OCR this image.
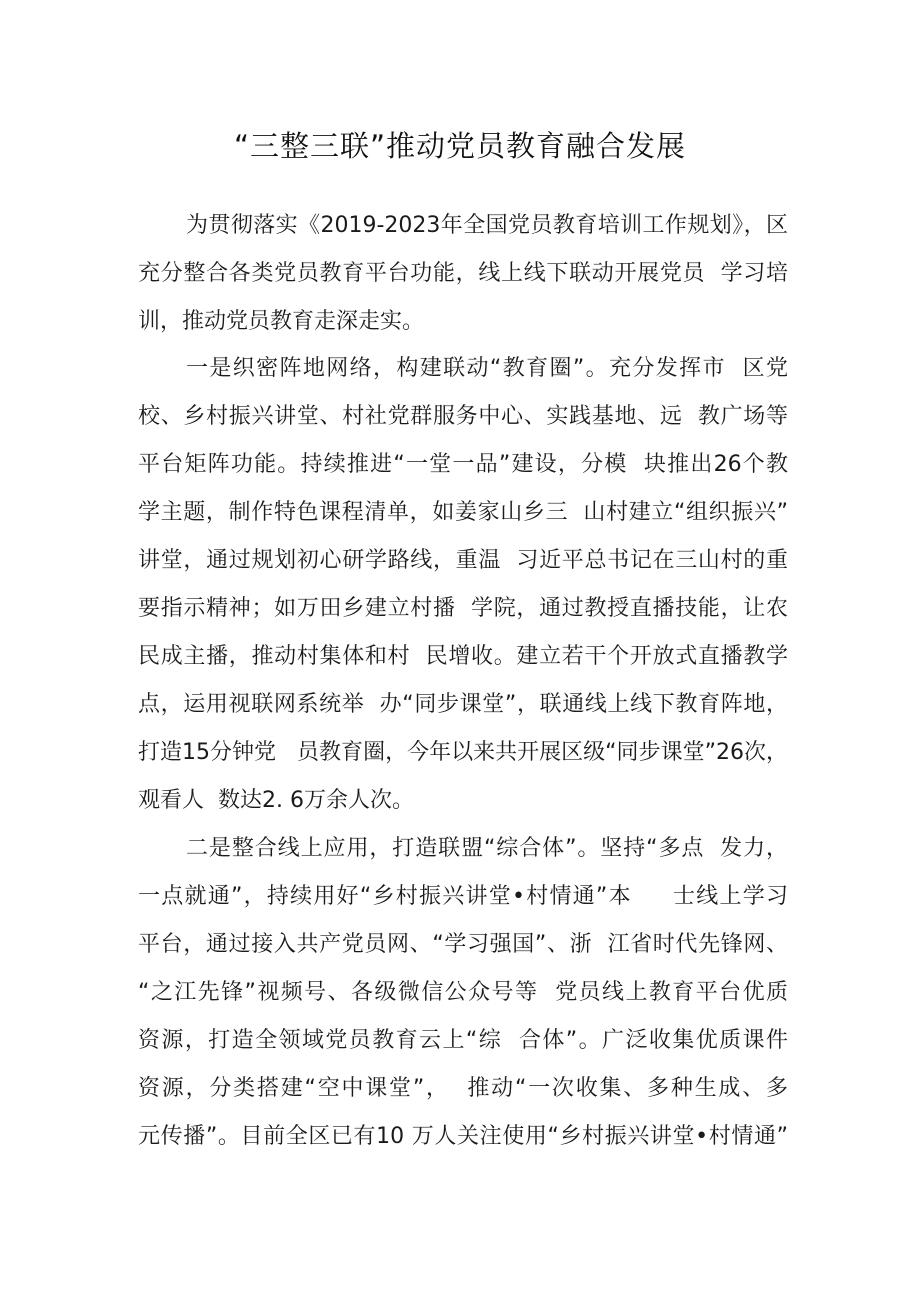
“三整三联”推动党员教育融合发展
为贯彻落实《2019-2023年全国党员教育培训工作规划》，区
充分整合各类党员教育平台功能，线上线下联动开展党员  学习培
训，推动党员教育走深走实。
一是织密阵地网络，构建联动“教育圈”。充分发挥市  区党
校、乡村振兴讲堂、村社党群服务中心、实践基地、远  教广场等
平台矩阵功能。持续推进“一堂一品”建设，分模  块推出26个教
学主题，制作特色课程清单，如姜家山乡三  山村建立“组织振兴”
讲堂，通过规划初心研学路线，重温  习近平总书记在三山村的重
要指示精神；如万田乡建立村播  学院，通过教授直播技能，让农
民成主播，推动村集体和村  民增收。建立若干个开放式直播教学
点，运用视联网系统举  办“同步课堂”，联通线上线下教育阵地，
打造15分钟党   员教育圈，今年以来共开展区级“同步课堂”26次，
观看人  数达2. 6万余人次。
二是整合线上应用，打造联盟“综合体”。坚持“多点  发力，
一点就通”，持续用好“乡村振兴讲堂•村情通”本     士线上学习
平台，通过接入共产党员网、“学习强国”、浙  江省时代先锋网、
“之江先锋”视频号、各级微信公众号等  党员线上教育平台优质
资源，打造全领域党员教育云上“综  合体”。广泛收集优质课件
资源，分类搭建“空中课堂”，  推动“一次收集、多种生成、多
元传播”。目前全区已有10 万人关注使用“乡村振兴讲堂•村情通”
